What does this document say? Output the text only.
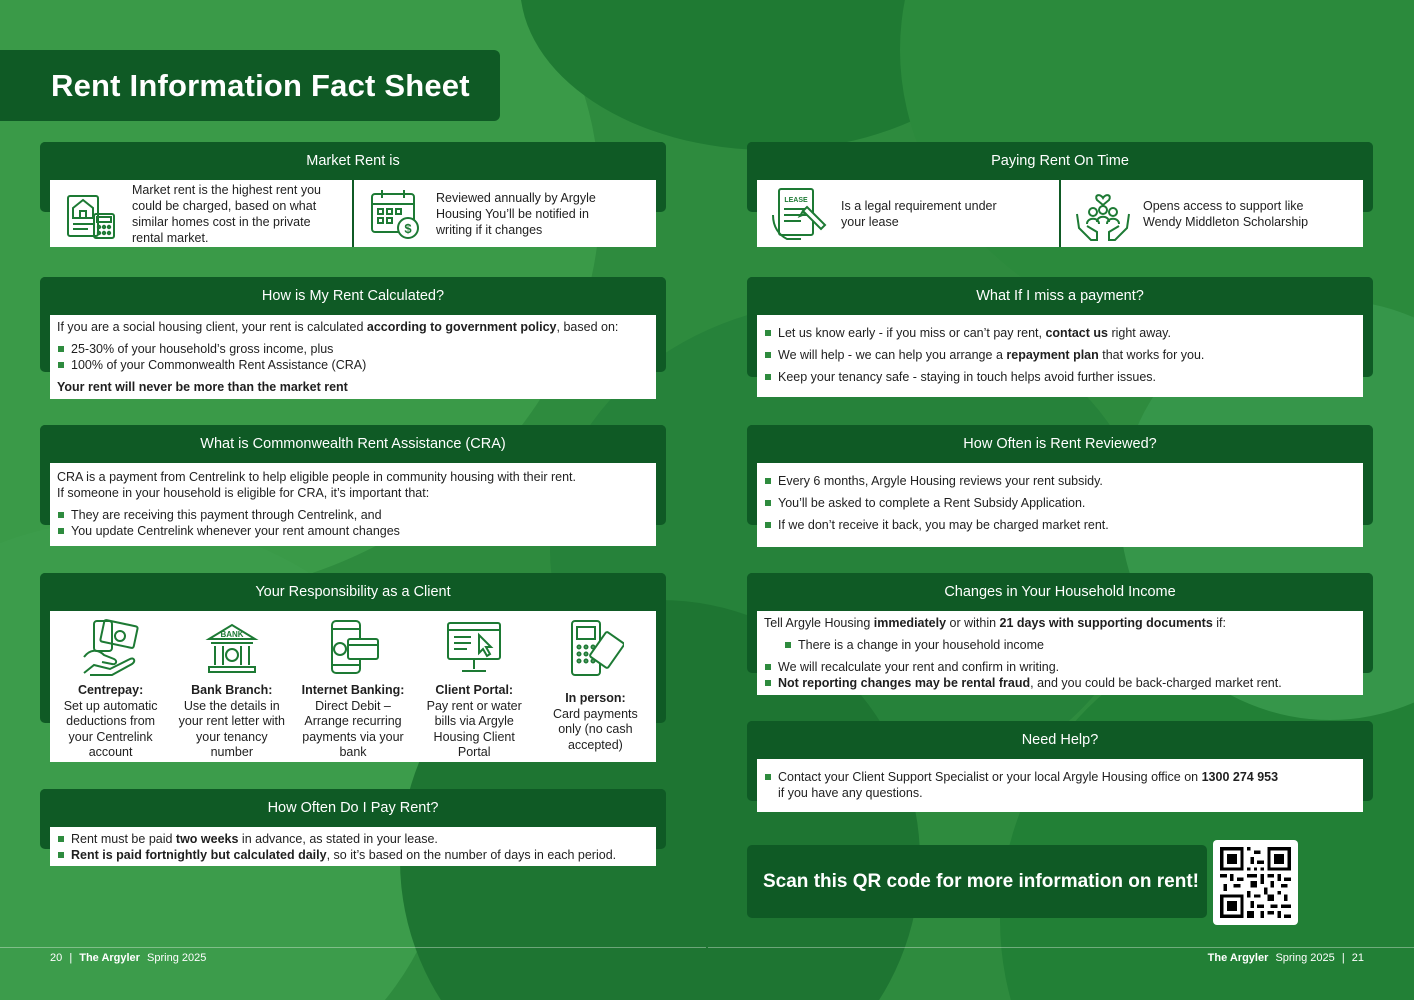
Rent Information Fact Sheet
Market Rent is
Market rent is the highest rent you could be charged, based on what similar homes cost in the private rental market.
$
Reviewed annually by Argyle Housing You’ll be notified in writing if it changes
How is My Rent Calculated?
If you are a social housing client, your rent is calculated according to government policy, based on:
25-30% of your household’s gross income, plus
100% of your Commonwealth Rent Assistance (CRA)
Your rent will never be more than the market rent
What is Commonwealth Rent Assistance (CRA)
CRA is a payment from Centrelink to help eligible people in community housing with their rent.
If someone in your household is eligible for CRA, it’s important that:
They are receiving this payment through Centrelink, and
You update Centrelink whenever your rent amount changes
Your Responsibility as a Client
Centrepay:
Set up automatic deductions from your Centrelink account
BANK
Bank Branch:
Use the details in your rent letter with your tenancy number
Internet Banking:
Direct Debit – Arrange recurring payments via your bank
Client Portal:
Pay rent or water bills via Argyle Housing Client Portal
In person:
Card payments only (no cash accepted)
How Often Do I Pay Rent?
Rent must be paid two weeks in advance, as stated in your lease.
Rent is paid fortnightly but calculated daily, so it’s based on the number of days in each period.
Paying Rent On Time
LEASE	Is a legal requirement under your lease
Opens access to support like Wendy Middleton Scholarship
What If I miss a payment?
Let us know early - if you miss or can’t pay rent, contact us right away.
We will help - we can help you arrange a repayment plan that works for you.
Keep your tenancy safe - staying in touch helps avoid further issues.
How Often is Rent Reviewed?
Every 6 months, Argyle Housing reviews your rent subsidy.
You’ll be asked to complete a Rent Subsidy Application.
If we don’t receive it back, you may be charged market rent.
Changes in Your Household Income
Tell Argyle Housing immediately or within 21 days with supporting documents if:
There is a change in your household income
We will recalculate your rent and confirm in writing.
Not reporting changes may be rental fraud, and you could be back-charged market rent.
Need Help?
Contact your Client Support Specialist or your local Argyle Housing office on 1300 274 953
if you have any questions.
Scan this QR code for more information on rent!
20 | The Argyler Spring 2025	The Argyler Spring 2025 | 21
